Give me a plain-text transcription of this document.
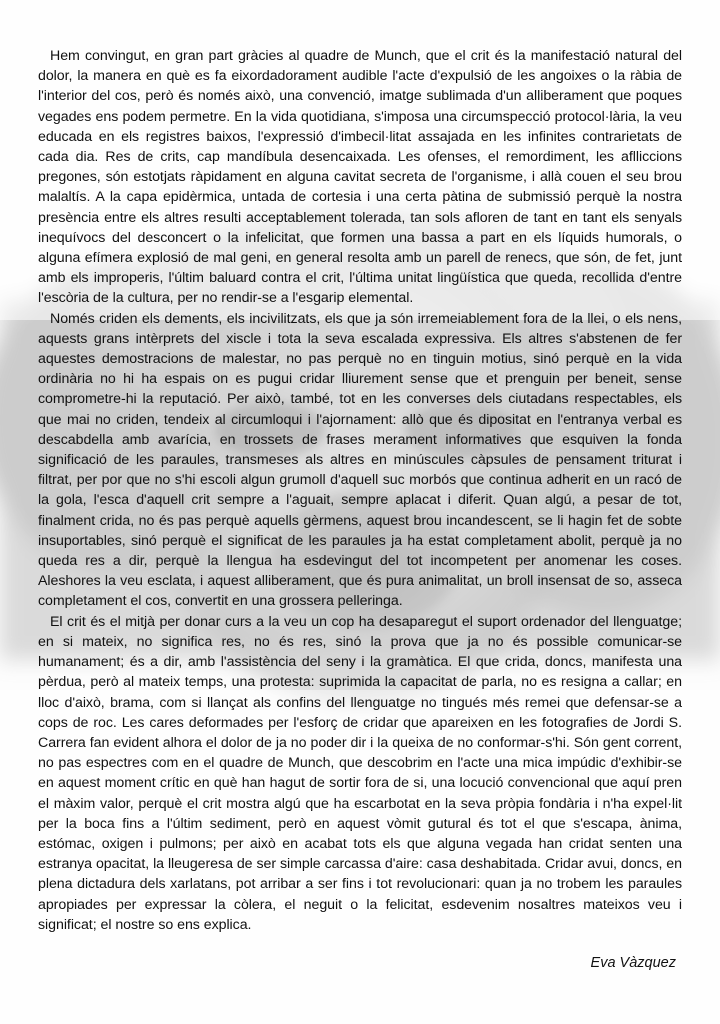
Hem convingut, en gran part gràcies al quadre de Munch, que el crit és la manifestació natural del dolor, la manera en què es fa eixordadorament audible l'acte d'expulsió de les angoixes o la ràbia de l'interior del cos, però és només això, una convenció, imatge sublimada d'un alliberament que poques vegades ens podem permetre. En la vida quotidiana, s'imposa una circumspecció protocol·lària, la veu educada en els registres baixos, l'expressió d'imbecil·litat assajada en les infinites contrarietats de cada dia. Res de crits, cap mandíbula desencaixada. Les ofenses, el remordiment, les aflliccions pregones, són estotjats ràpidament en alguna cavitat secreta de l'organisme, i allà couen el seu brou malaltís. A la capa epidèrmica, untada de cortesia i una certa pàtina de submissió perquè la nostra presència entre els altres resulti acceptablement tolerada, tan sols afloren de tant en tant els senyals inequívocs del desconcert o la infelicitat, que formen una bassa a part en els líquids humorals, o alguna efímera explosió de mal geni, en general resolta amb un parell de renecs, que són, de fet, junt amb els improperis, l'últim baluard contra el crit, l'última unitat lingüística que queda, recollida d'entre l'escòria de la cultura, per no rendir-se a l'esgarip elemental.

Només criden els dements, els incivilitzats, els que ja són irremeiablement fora de la llei, o els nens, aquests grans intèrprets del xiscle i tota la seva escalada expressiva. Els altres s'abstenen de fer aquestes demostracions de malestar, no pas perquè no en tinguin motius, sinó perquè en la vida ordinària no hi ha espais on es pugui cridar lliurement sense que et prenguin per beneit, sense comprometre-hi la reputació. Per això, també, tot en les converses dels ciutadans respectables, els que mai no criden, tendeix al circumloqui i l'ajornament: allò que és dipositat en l'entranya verbal es descabdella amb avarícia, en trossets de frases merament informatives que esquiven la fonda significació de les paraules, transmeses als altres en minúscules càpsules de pensament triturat i filtrat, per por que no s'hi escoli algun grumoll d'aquell suc morbós que continua adherit en un racó de la gola, l'esca d'aquell crit sempre a l'aguait, sempre aplacat i diferit. Quan algú, a pesar de tot, finalment crida, no és pas perquè aquells gèrmens, aquest brou incandescent, se li hagin fet de sobte insuportables, sinó perquè el significat de les paraules ja ha estat completament abolit, perquè ja no queda res a dir, perquè la llengua ha esdevingut del tot incompetent per anomenar les coses. Aleshores la veu esclata, i aquest alliberament, que és pura animalitat, un broll insensat de so, asseca completament el cos, convertit en una grossera pelleringa.

El crit és el mitjà per donar curs a la veu un cop ha desaparegut el suport ordenador del llenguatge; en si mateix, no significa res, no és res, sinó la prova que ja no és possible comunicar-se humanament; és a dir, amb l'assistència del seny i la gramàtica. El que crida, doncs, manifesta una pèrdua, però al mateix temps, una protesta: suprimida la capacitat de parla, no es resigna a callar; en lloc d'això, brama, com si llançat als confins del llenguatge no tingués més remei que defensar-se a cops de roc. Les cares deformades per l'esforç de cridar que apareixen en les fotografies de Jordi S. Carrera fan evident alhora el dolor de ja no poder dir i la queixa de no conformar-s'hi. Són gent corrent, no pas espectres com en el quadre de Munch, que descobrim en l'acte una mica impúdic d'exhibir-se en aquest moment crític en què han hagut de sortir fora de si, una locució convencional que aquí pren el màxim valor, perquè el crit mostra algú que ha escarbotat en la seva pròpia fondària i n'ha expel·lit per la boca fins a l'últim sediment, però en aquest vòmit gutural és tot el que s'escapa, ànima, estómac, oxigen i pulmons; per això en acabat tots els que alguna vegada han cridat senten una estranya opacitat, la lleugeresa de ser simple carcassa d'aire: casa deshabitada. Cridar avui, doncs, en plena dictadura dels xarlatans, pot arribar a ser fins i tot revolucionari: quan ja no trobem les paraules apropiades per expressar la còlera, el neguit o la felicitat, esdevenim nosaltres mateixos veu i significat; el nostre so ens explica.

Eva Vàzquez
